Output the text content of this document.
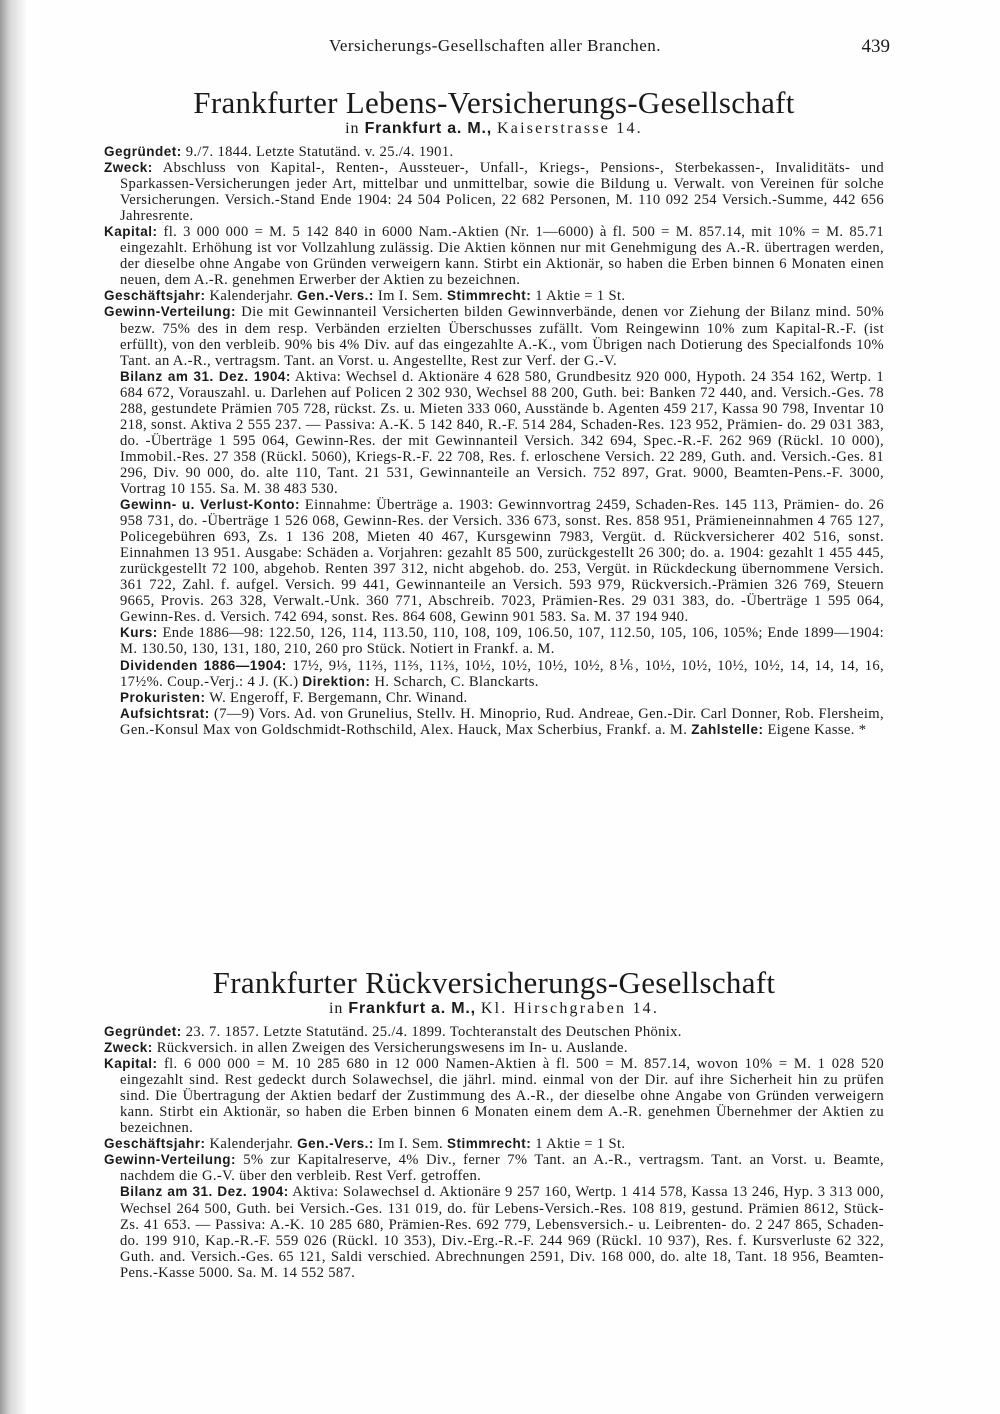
Versicherungs-Gesellschaften aller Branchen.	439
Frankfurter Lebens-Versicherungs-Gesellschaft
in Frankfurt a. M., Kaiserstrasse 14.

Gegründet: 9./7. 1844. Letzte Statutänd. v. 25./4. 1901.

Zweck: Abschluss von Kapital-, Renten-, Aussteuer-, Unfall-, Kriegs-, Pensions-, Sterbekassen-, Invaliditäts- und Sparkassen-Versicherungen jeder Art, mittelbar und unmittelbar, sowie die Bildung u. Verwalt. von Vereinen für solche Versicherungen. Versich.-Stand Ende 1904: 24 504 Policen, 22 682 Personen, M. 110 092 254 Versich.-Summe, 442 656 Jahresrente.

Kapital: fl. 3 000 000 = M. 5 142 840 in 6000 Nam.-Aktien (Nr. 1—6000) à fl. 500 = M. 857.14, mit 10% = M. 85.71 eingezahlt. Erhöhung ist vor Vollzahlung zulässig. Die Aktien können nur mit Genehmigung des A.-R. übertragen werden, der dieselbe ohne Angabe von Gründen verweigern kann. Stirbt ein Aktionär, so haben die Erben binnen 6 Monaten einen neuen, dem A.-R. genehmen Erwerber der Aktien zu bezeichnen.

Geschäftsjahr: Kalenderjahr. Gen.-Vers.: Im I. Sem. Stimmrecht: 1 Aktie = 1 St.

Gewinn-Verteilung: Die mit Gewinnanteil Versicherten bilden Gewinnverbände, denen vor Ziehung der Bilanz mind. 50% bezw. 75% des in dem resp. Verbänden erzielten Überschusses zufällt. Vom Reingewinn 10% zum Kapital-R.-F. (ist erfüllt), von den verbleib. 90% bis 4% Div. auf das eingezahlte A.-K., vom Übrigen nach Dotierung des Specialfonds 10% Tant. an A.-R., vertragsm. Tant. an Vorst. u. Angestellte, Rest zur Verf. der G.-V.

Bilanz am 31. Dez. 1904: Aktiva: Wechsel d. Aktionäre 4 628 580, Grundbesitz 920 000, Hypoth. 24 354 162, Wertp. 1 684 672, Vorauszahl. u. Darlehen auf Policen 2 302 930, Wechsel 88 200, Guth. bei: Banken 72 440, and. Versich.-Ges. 78 288, gestundete Prämien 705 728, rückst. Zs. u. Mieten 333 060, Ausstände b. Agenten 459 217, Kassa 90 798, Inventar 10 218, sonst. Aktiva 2 555 237. — Passiva: A.-K. 5 142 840, R.-F. 514 284, Schaden-Res. 123 952, Prämien- do. 29 031 383, do. -Überträge 1 595 064, Gewinn-Res. der mit Gewinnanteil Versich. 342 694, Spec.-R.-F. 262 969 (Rückl. 10 000), Immobil.-Res. 27 358 (Rückl. 5060), Kriegs-R.-F. 22 708, Res. f. erloschene Versich. 22 289, Guth. and. Versich.-Ges. 81 296, Div. 90 000, do. alte 110, Tant. 21 531, Gewinnanteile an Versich. 752 897, Grat. 9000, Beamten-Pens.-F. 3000, Vortrag 10 155. Sa. M. 38 483 530.

Gewinn- u. Verlust-Konto: Einnahme: Überträge a. 1903: Gewinnvortrag 2459, Schaden-Res. 145 113, Prämien- do. 26 958 731, do. -Überträge 1 526 068, Gewinn-Res. der Versich. 336 673, sonst. Res. 858 951, Prämieneinnahmen 4 765 127, Policegebühren 693, Zs. 1 136 208, Mieten 40 467, Kursgewinn 7983, Vergüt. d. Rückversicherer 402 516, sonst. Einnahmen 13 951. Ausgabe: Schäden a. Vorjahren: gezahlt 85 500, zurückgestellt 26 300; do. a. 1904: gezahlt 1 455 445, zurückgestellt 72 100, abgehob. Renten 397 312, nicht abgehob. do. 253, Vergüt. in Rückdeckung übernommene Versich. 361 722, Zahl. f. aufgel. Versich. 99 441, Gewinnanteile an Versich. 593 979, Rückversich.-Prämien 326 769, Steuern 9665, Provis. 263 328, Verwalt.-Unk. 360 771, Abschreib. 7023, Prämien-Res. 29 031 383, do. -Überträge 1 595 064, Gewinn-Res. d. Versich. 742 694, sonst. Res. 864 608, Gewinn 901 583. Sa. M. 37 194 940.

Kurs: Ende 1886—98: 122.50, 126, 114, 113.50, 110, 108, 109, 106.50, 107, 112.50, 105, 106, 105%; Ende 1899—1904: M. 130.50, 130, 131, 180, 210, 260 pro Stück. Notiert in Frankf. a. M.

Dividenden 1886—1904: 17½, 9⅓, 11⅔, 11⅔, 11⅔, 10½, 10½, 10½, 10½, 8⅙, 10½, 10½, 10½, 10½, 14, 14, 14, 16, 17½%. Coup.-Verj.: 4 J. (K.) Direktion: H. Scharch, C. Blanckarts.

Prokuristen: W. Engeroff, F. Bergemann, Chr. Winand.

Aufsichtsrat: (7—9) Vors. Ad. von Grunelius, Stellv. H. Minoprio, Rud. Andreae, Gen.-Dir. Carl Donner, Rob. Flersheim, Gen.-Konsul Max von Goldschmidt-Rothschild, Alex. Hauck, Max Scherbius, Frankf. a. M. Zahlstelle: Eigene Kasse. *

Frankfurter Rückversicherungs-Gesellschaft
in Frankfurt a. M., Kl. Hirschgraben 14.

Gegründet: 23. 7. 1857. Letzte Statutänd. 25./4. 1899. Tochteranstalt des Deutschen Phönix.

Zweck: Rückversich. in allen Zweigen des Versicherungswesens im In- u. Auslande.

Kapital: fl. 6 000 000 = M. 10 285 680 in 12 000 Namen-Aktien à fl. 500 = M. 857.14, wovon 10% = M. 1 028 520 eingezahlt sind. Rest gedeckt durch Solawechsel, die jährl. mind. einmal von der Dir. auf ihre Sicherheit hin zu prüfen sind. Die Übertragung der Aktien bedarf der Zustimmung des A.-R., der dieselbe ohne Angabe von Gründen verweigern kann. Stirbt ein Aktionär, so haben die Erben binnen 6 Monaten einem dem A.-R. genehmen Übernehmer der Aktien zu bezeichnen.

Geschäftsjahr: Kalenderjahr. Gen.-Vers.: Im I. Sem. Stimmrecht: 1 Aktie = 1 St.

Gewinn-Verteilung: 5% zur Kapitalreserve, 4% Div., ferner 7% Tant. an A.-R., vertragsm. Tant. an Vorst. u. Beamte, nachdem die G.-V. über den verbleib. Rest Verf. getroffen.

Bilanz am 31. Dez. 1904: Aktiva: Solawechsel d. Aktionäre 9 257 160, Wertp. 1 414 578, Kassa 13 246, Hyp. 3 313 000, Wechsel 264 500, Guth. bei Versich.-Ges. 131 019, do. für Lebens-Versich.-Res. 108 819, gestund. Prämien 8612, Stück-Zs. 41 653. — Passiva: A.-K. 10 285 680, Prämien-Res. 692 779, Lebensversich.- u. Leibrenten- do. 2 247 865, Schaden- do. 199 910, Kap.-R.-F. 559 026 (Rückl. 10 353), Div.-Erg.-R.-F. 244 969 (Rückl. 10 937), Res. f. Kursverluste 62 322, Guth. and. Versich.-Ges. 65 121, Saldi verschied. Abrechnungen 2591, Div. 168 000, do. alte 18, Tant. 18 956, Beamten-Pens.-Kasse 5000. Sa. M. 14 552 587.
